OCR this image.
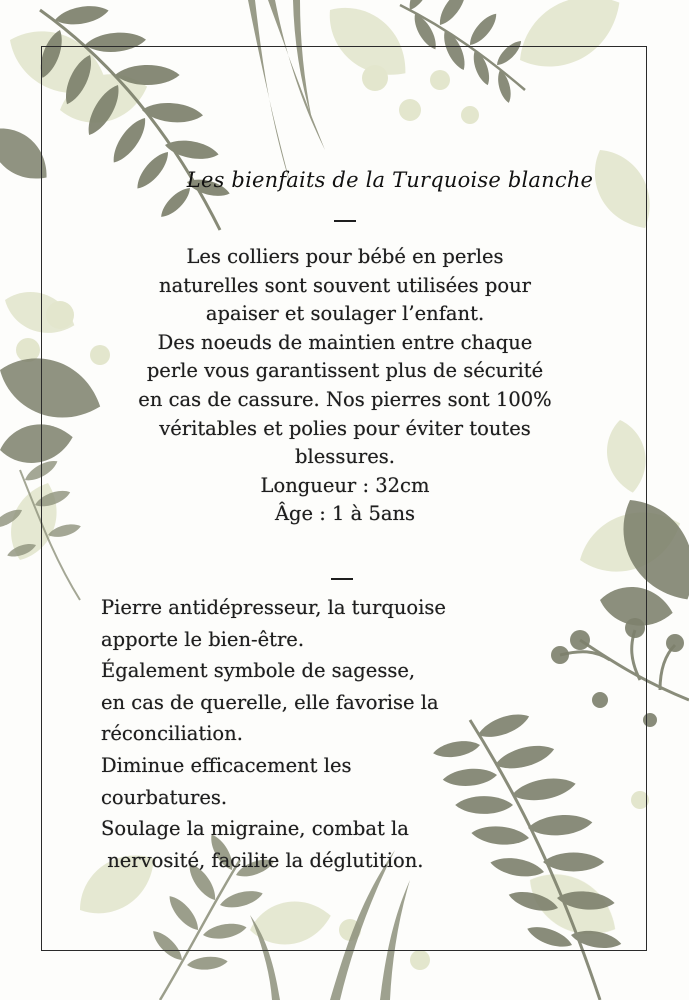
Les bienfaits de la Turquoise blanche
Les colliers pour bébé en perles
naturelles sont souvent utilisées pour
apaiser et soulager l’enfant.
Des noeuds de maintien entre chaque
perle vous garantissent plus de sécurité
en cas de cassure. Nos pierres sont 100%
véritables et polies pour éviter toutes
blessures.
Longueur : 32cm
Âge : 1 à 5ans
Pierre antidépresseur, la turquoise
apporte le bien-être.
Également symbole de sagesse,
en cas de querelle, elle favorise la
réconciliation.
Diminue efficacement les
courbatures.
Soulage la migraine, combat la
nervosité, facilite la déglutition.
